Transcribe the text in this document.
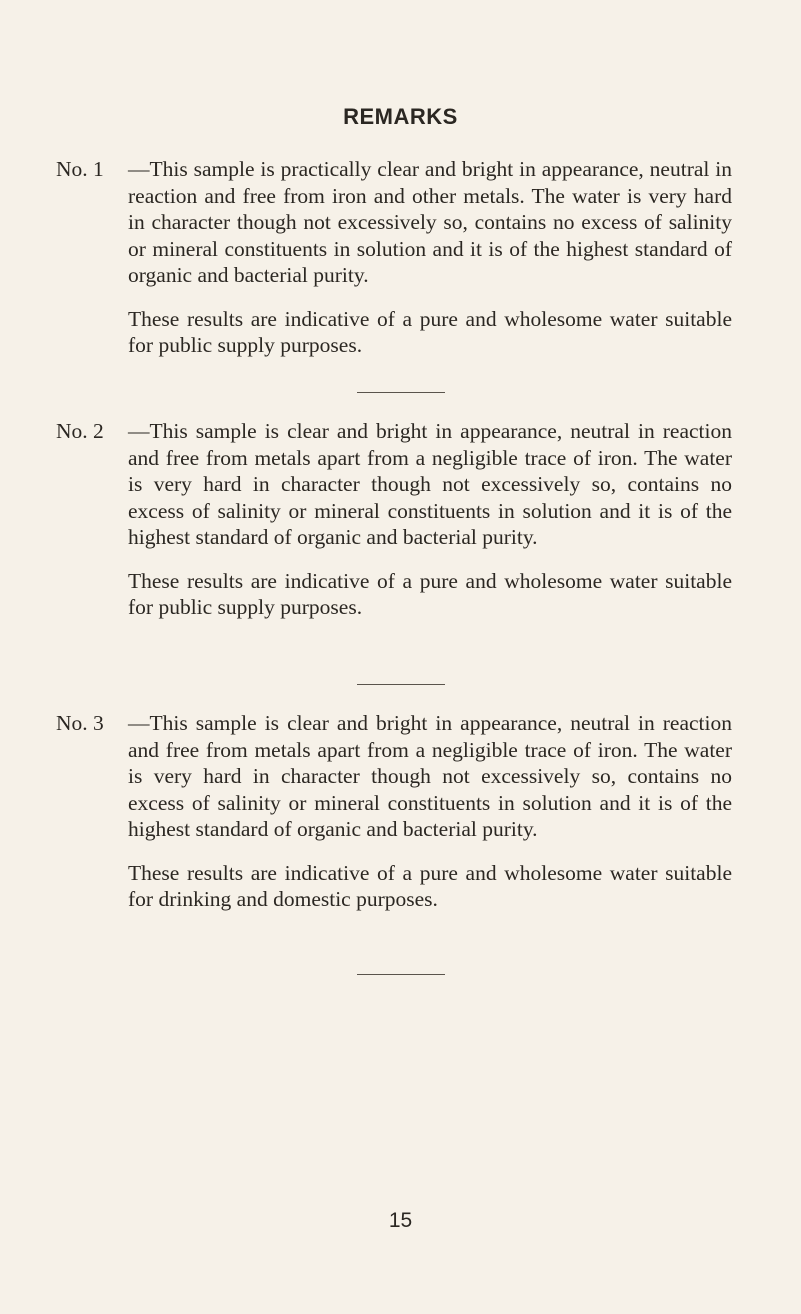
REMARKS
No. 1	—This sample is practically clear and bright in appearance, neutral in reaction and free from iron and other metals. The water is very hard in character though not excessively so, contains no excess of salinity or mineral constituents in solution and it is of the highest standard of organic and bacterial purity.
These results are indicative of a pure and wholesome water suitable for public supply purposes.
No. 2	—This sample is clear and bright in appearance, neutral in reaction and free from metals apart from a negligible trace of iron. The water is very hard in character though not excessively so, contains no excess of salinity or mineral constituents in solution and it is of the highest standard of organic and bacterial purity.
These results are indicative of a pure and wholesome water suitable for public supply purposes.
No. 3	—This sample is clear and bright in appearance, neutral in reaction and free from metals apart from a negligible trace of iron. The water is very hard in character though not excessively so, contains no excess of salinity or mineral constituents in solution and it is of the highest standard of organic and bacterial purity.
These results are indicative of a pure and wholesome water suitable for drinking and domestic purposes.
15
